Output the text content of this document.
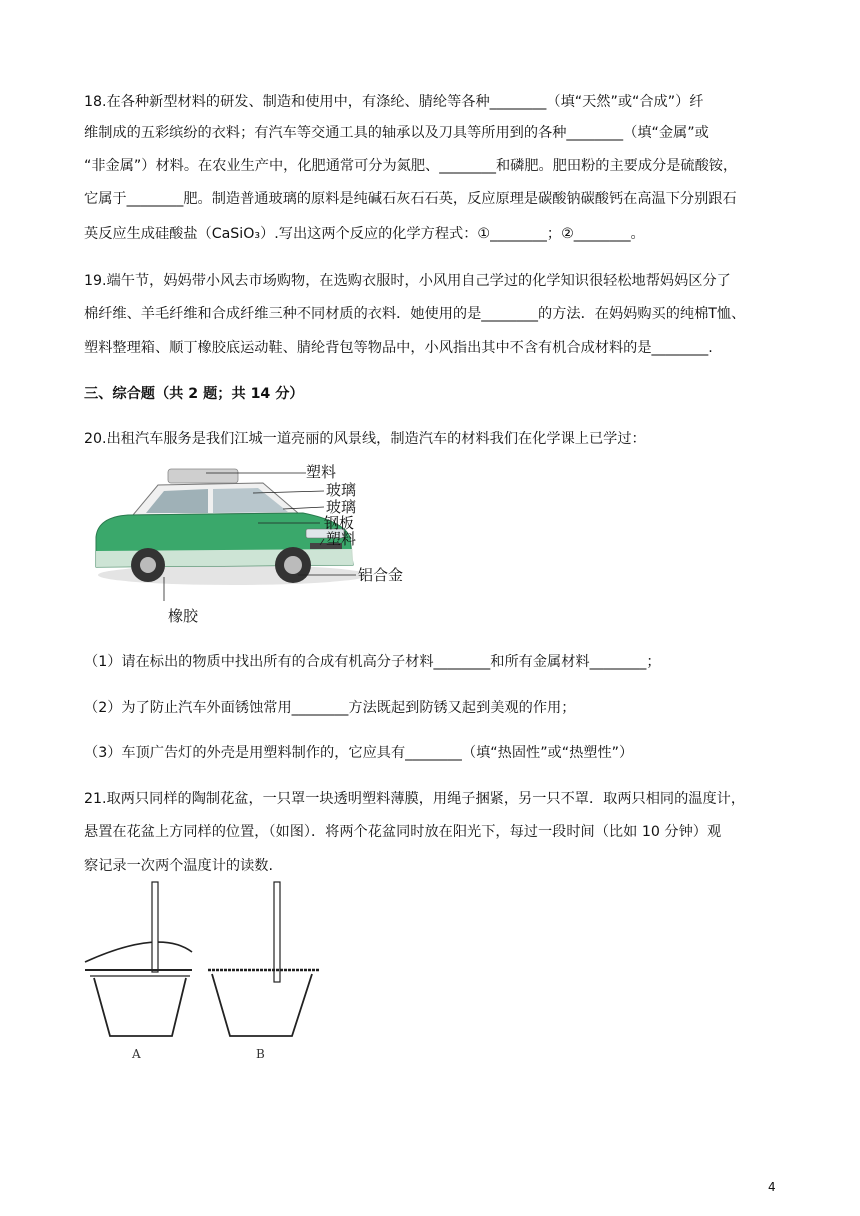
18.在各种新型材料的研发、制造和使用中，有涤纶、腈纶等各种________（填“天然”或“合成”）纤

维制成的五彩缤纷的衣料；有汽车等交通工具的轴承以及刀具等所用到的各种________（填“金属”或

“非金属”）材料。在农业生产中，化肥通常可分为氮肥、________和磷肥。肥田粉的主要成分是硫酸铵，

它属于________肥。制造普通玻璃的原料是纯碱石灰石石英，反应原理是碳酸钠碳酸钙在高温下分别跟石

英反应生成硅酸盐（CaSiO₃）.写出这两个反应的化学方程式：①________；②________。

19.端午节，妈妈带小风去市场购物，在选购衣服时，小风用自己学过的化学知识很轻松地帮妈妈区分了

棉纤维、羊毛纤维和合成纤维三种不同材质的衣料．她使用的是________的方法．在妈妈购买的纯棉T恤、

塑料整理箱、顺丁橡胶底运动鞋、腈纶背包等物品中，小风指出其中不含有机合成材料的是________.

三、综合题（共 2 题；共 14 分）

20.出租汽车服务是我们江城一道亮丽的风景线，制造汽车的材料我们在化学课上已学过：

塑料
玻璃
玻璃
钢板
塑料
铝合金
橡胶

（1）请在标出的物质中找出所有的合成有机高分子材料________和所有金属材料________；

（2）为了防止汽车外面锈蚀常用________方法既起到防锈又起到美观的作用；

（3）车顶广告灯的外壳是用塑料制作的，它应具有________（填“热固性”或“热塑性”）

21.取两只同样的陶制花盆，一只罩一块透明塑料薄膜，用绳子捆紧，另一只不罩．取两只相同的温度计，

悬置在花盆上方同样的位置，（如图）．将两个花盆同时放在阳光下，每过一段时间（比如 10 分钟）观

察记录一次两个温度计的读数.

A	B
4
